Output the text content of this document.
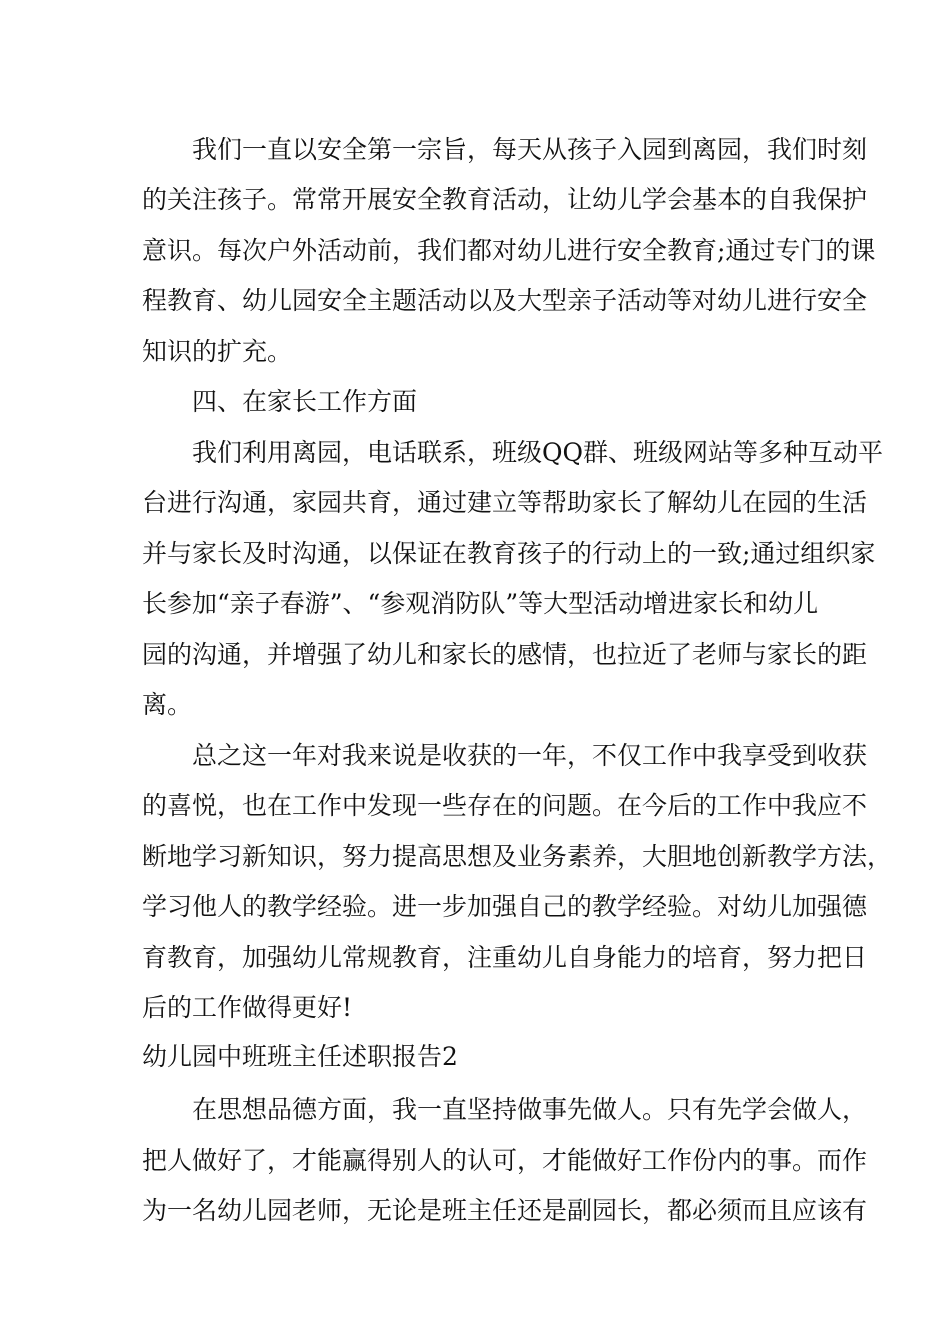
　　我们一直以安全第一宗旨，每天从孩子入园到离园，我们时刻

的关注孩子。常常开展安全教育活动，让幼儿学会基本的自我保护

意识。每次户外活动前，我们都对幼儿进行安全教育;通过专门的课

程教育、幼儿园安全主题活动以及大型亲子活动等对幼儿进行安全

知识的扩充。

　　四、在家长工作方面

　　我们利用离园，电话联系，班级QQ群、班级网站等多种互动平

台进行沟通，家园共育，通过建立等帮助家长了解幼儿在园的生活

并与家长及时沟通，以保证在教育孩子的行动上的一致;通过组织家

长参加“亲子春游”、“参观消防队”等大型活动增进家长和幼儿

园的沟通，并增强了幼儿和家长的感情，也拉近了老师与家长的距

离。

　　总之这一年对我来说是收获的一年，不仅工作中我享受到收获

的喜悦，也在工作中发现一些存在的问题。在今后的工作中我应不

断地学习新知识，努力提高思想及业务素养，大胆地创新教学方法，

学习他人的教学经验。进一步加强自己的教学经验。对幼儿加强德

育教育，加强幼儿常规教育，注重幼儿自身能力的培育，努力把日

后的工作做得更好!

幼儿园中班班主任述职报告2

　　在思想品德方面，我一直坚持做事先做人。只有先学会做人，

把人做好了，才能赢得别人的认可，才能做好工作份内的事。而作

为一名幼儿园老师，无论是班主任还是副园长，都必须而且应该有
